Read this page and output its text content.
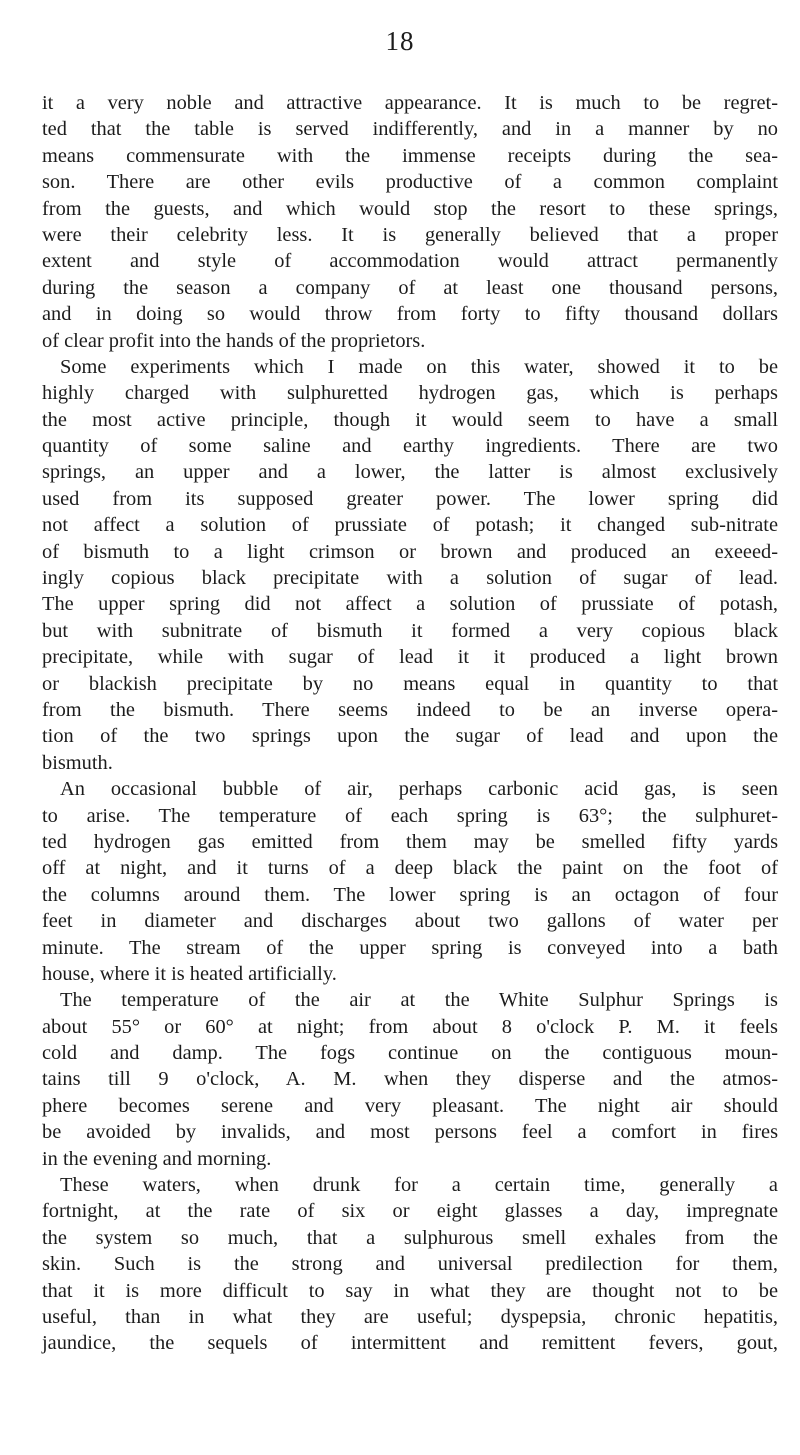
18
it a very noble and attractive appearance. It is much to be regret-
ted that the table is served indifferently, and in a manner by no
means commensurate with the immense receipts during the sea-
son. There are other evils productive of a common complaint
from the guests, and which would stop the resort to these springs,
were their celebrity less. It is generally believed that a proper
extent and style of accommodation would attract permanently
during the season a company of at least one thousand persons,
and in doing so would throw from forty to fifty thousand dollars
of clear profit into the hands of the proprietors.
Some experiments which I made on this water, showed it to be
highly charged with sulphuretted hydrogen gas, which is perhaps
the most active principle, though it would seem to have a small
quantity of some saline and earthy ingredients. There are two
springs, an upper and a lower, the latter is almost exclusively
used from its supposed greater power. The lower spring did
not affect a solution of prussiate of potash; it changed sub-nitrate
of bismuth to a light crimson or brown and produced an exeeed-
ingly copious black precipitate with a solution of sugar of lead.
The upper spring did not affect a solution of prussiate of potash,
but with subnitrate of bismuth it formed a very copious black
precipitate, while with sugar of lead it it produced a light brown
or blackish precipitate by no means equal in quantity to that
from the bismuth. There seems indeed to be an inverse opera-
tion of the two springs upon the sugar of lead and upon the
bismuth.
An occasional bubble of air, perhaps carbonic acid gas, is seen
to arise. The temperature of each spring is 63°; the sulphuret-
ted hydrogen gas emitted from them may be smelled fifty yards
off at night, and it turns of a deep black the paint on the foot of
the columns around them. The lower spring is an octagon of four
feet in diameter and discharges about two gallons of water per
minute. The stream of the upper spring is conveyed into a bath
house, where it is heated artificially.
The temperature of the air at the White Sulphur Springs is
about 55° or 60° at night; from about 8 o'clock P. M. it feels
cold and damp. The fogs continue on the contiguous moun-
tains till 9 o'clock, A. M. when they disperse and the atmos-
phere becomes serene and very pleasant. The night air should
be avoided by invalids, and most persons feel a comfort in fires
in the evening and morning.
These waters, when drunk for a certain time, generally a
fortnight, at the rate of six or eight glasses a day, impregnate
the system so much, that a sulphurous smell exhales from the
skin. Such is the strong and universal predilection for them,
that it is more difficult to say in what they are thought not to be
useful, than in what they are useful; dyspepsia, chronic hepatitis,
jaundice, the sequels of intermittent and remittent fevers, gout,
